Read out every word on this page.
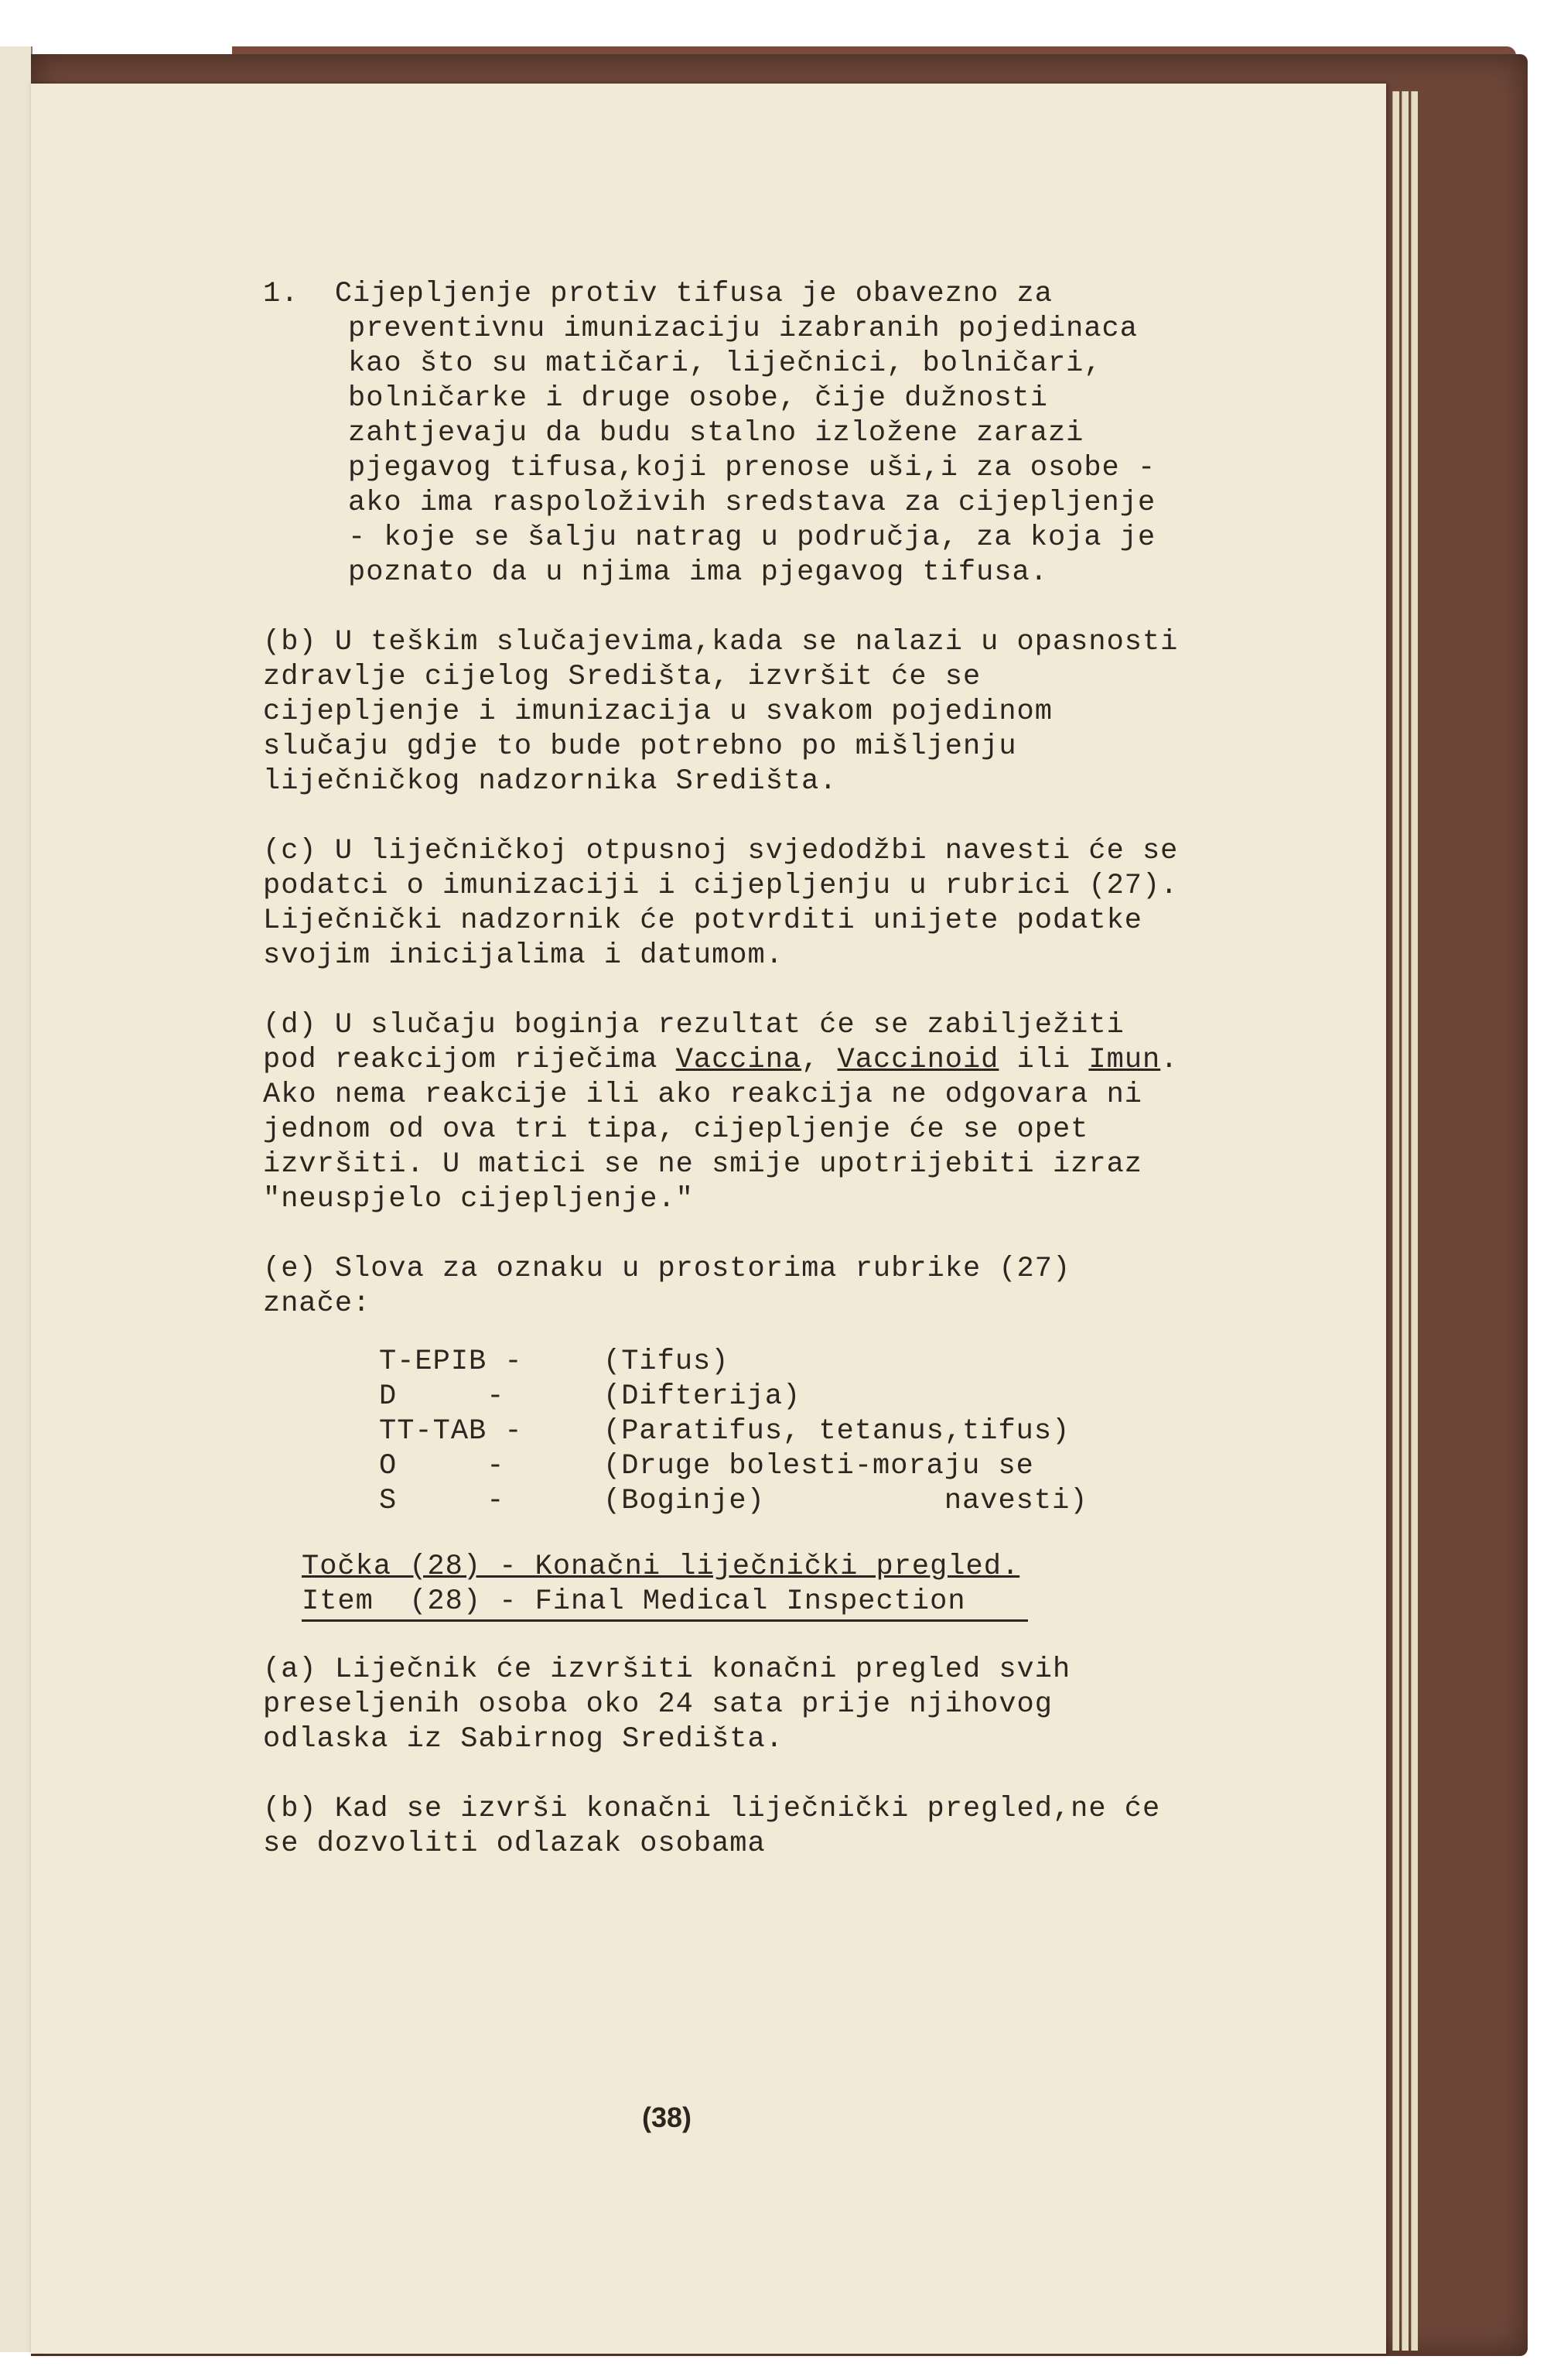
1.  Cijepljenje protiv tifusa je obavezno za preventivnu imunizaciju izabranih pojedinaca kao što su matičari, liječnici, bolničari, bolničarke i druge osobe, čije dužnosti zahtjevaju da budu stalno izložene zarazi pjegavog tifusa,koji prenose uši,i za osobe - ako ima raspoloživih sredstava za cijepljenje - koje se šalju natrag u područja, za koja je poznato da u njima ima pjegavog tifusa.

(b) U teškim slučajevima,kada se nalazi u opasnosti zdravlje cijelog Središta, izvršit će se cijepljenje i imunizacija u svakom pojedinom slučaju gdje to bude potrebno po mišljenju liječničkog nadzornika Središta.

(c) U liječničkoj otpusnoj svjedodžbi navesti će se podatci o imunizaciji i cijepljenju u rubrici (27). Liječnički nadzornik će potvrditi unijete podatke svojim inicijalima i datumom.

(d) U slučaju boginja rezultat će se zabilježiti pod reakcijom riječima Vaccina, Vaccinoid ili Imun. Ako nema reakcije ili ako reakcija ne odgovara ni jednom od ova tri tipa, cijepljenje će se opet izvršiti. U matici se ne smije upotrijebiti izraz "neuspjelo cijepljenje."

(e) Slova za oznaku u prostorima rubrike (27) znače:

T-EPIB -	(Tifus)
D     -	(Difterija)
TT-TAB -	(Paratifus, tetanus,tifus)
O     -	(Druge bolesti-moraju se
S     -	(Boginje)          navesti)
Točka (28) - Konačni liječnički pregled.
Item  (28) - Final Medical Inspection

(a) Liječnik će izvršiti konačni pregled svih preseljenih osoba oko 24 sata prije njihovog odlaska iz Sabirnog Središta.

(b) Kad se izvrši konačni liječnički pregled,ne će se dozvoliti odlazak osobama

(38)
